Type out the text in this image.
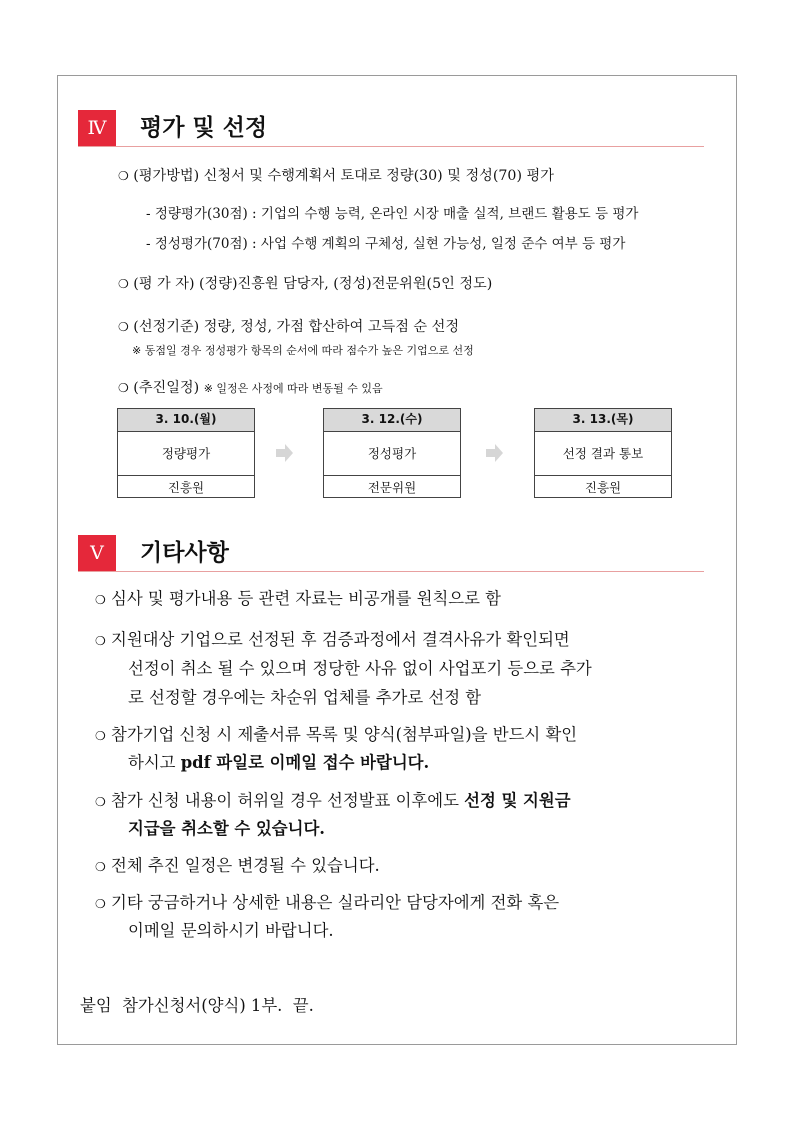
Ⅳ	평가 및 선정
❍ (평가방법) 신청서 및 수행계획서 토대로 정량(30) 및 정성(70) 평가
- 정량평가(30점) : 기업의 수행 능력, 온라인 시장 매출 실적, 브랜드 활용도 등 평가
- 정성평가(70점) : 사업 수행 계획의 구체성, 실현 가능성, 일정 준수 여부 등 평가
❍ (평 가 자) (정량)진흥원 담당자, (정성)전문위원(5인 정도)
❍ (선정기준) 정량, 정성, 가점 합산하여 고득점 순 선정
※ 동점일 경우 정성평가 항목의 순서에 따라 점수가 높은 기업으로 선정
❍ (추진일정) ※ 일정은 사정에 따라 변동될 수 있음
3. 10.(월)
정량평가
진흥원
3. 12.(수)
정성평가
전문위원
3. 13.(목)
선정 결과 통보
진흥원
Ⅴ	기타사항
❍ 심사 및 평가내용 등 관련 자료는 비공개를 원칙으로 함
❍ 지원대상 기업으로 선정된 후 검증과정에서 결격사유가 확인되면
선정이 취소 될 수 있으며 정당한 사유 없이 사업포기 등으로 추가
로 선정할 경우에는 차순위 업체를 추가로 선정 함
❍ 참가기업 신청 시 제출서류 목록 및 양식(첨부파일)을 반드시 확인
하시고 pdf 파일로 이메일 접수 바랍니다.
❍ 참가 신청 내용이 허위일 경우 선정발표 이후에도 선정 및 지원금
지급을 취소할 수 있습니다.
❍ 전체 추진 일정은 변경될 수 있습니다.
❍ 기타 궁금하거나 상세한 내용은 실라리안 담당자에게 전화 혹은
이메일 문의하시기 바랍니다.
붙임  참가신청서(양식) 1부.  끝.
